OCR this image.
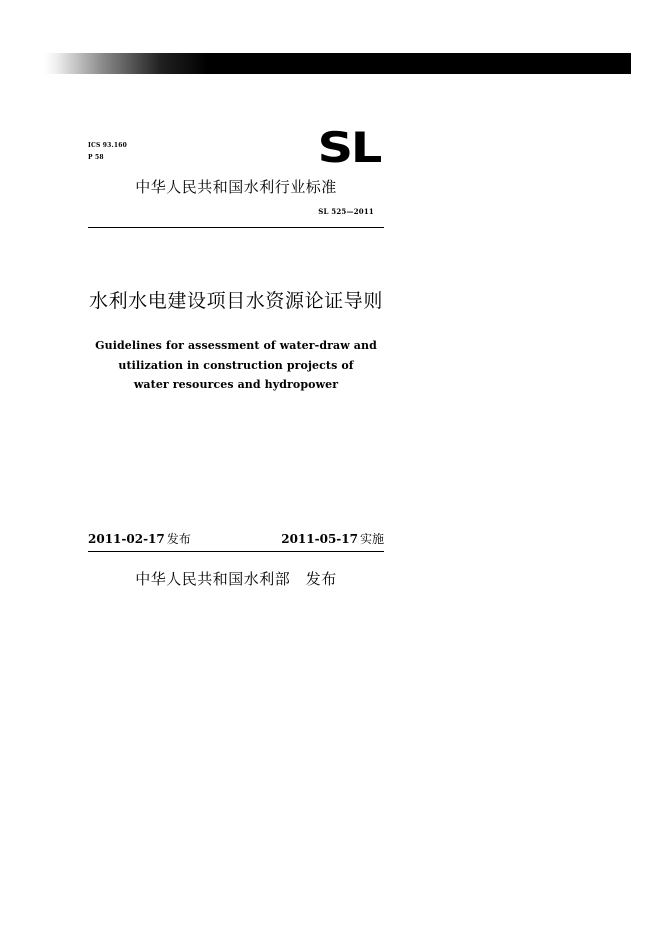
ICS 93.160
P 58	SL
中华人民共和国水利行业标准
SL 525—2011
水利水电建设项目水资源论证导则
Guidelines for assessment of water-draw and
utilization in construction projects of
water resources and hydropower
2011-02-17 发布	2011-05-17 实施
中华人民共和国水利部　发布
